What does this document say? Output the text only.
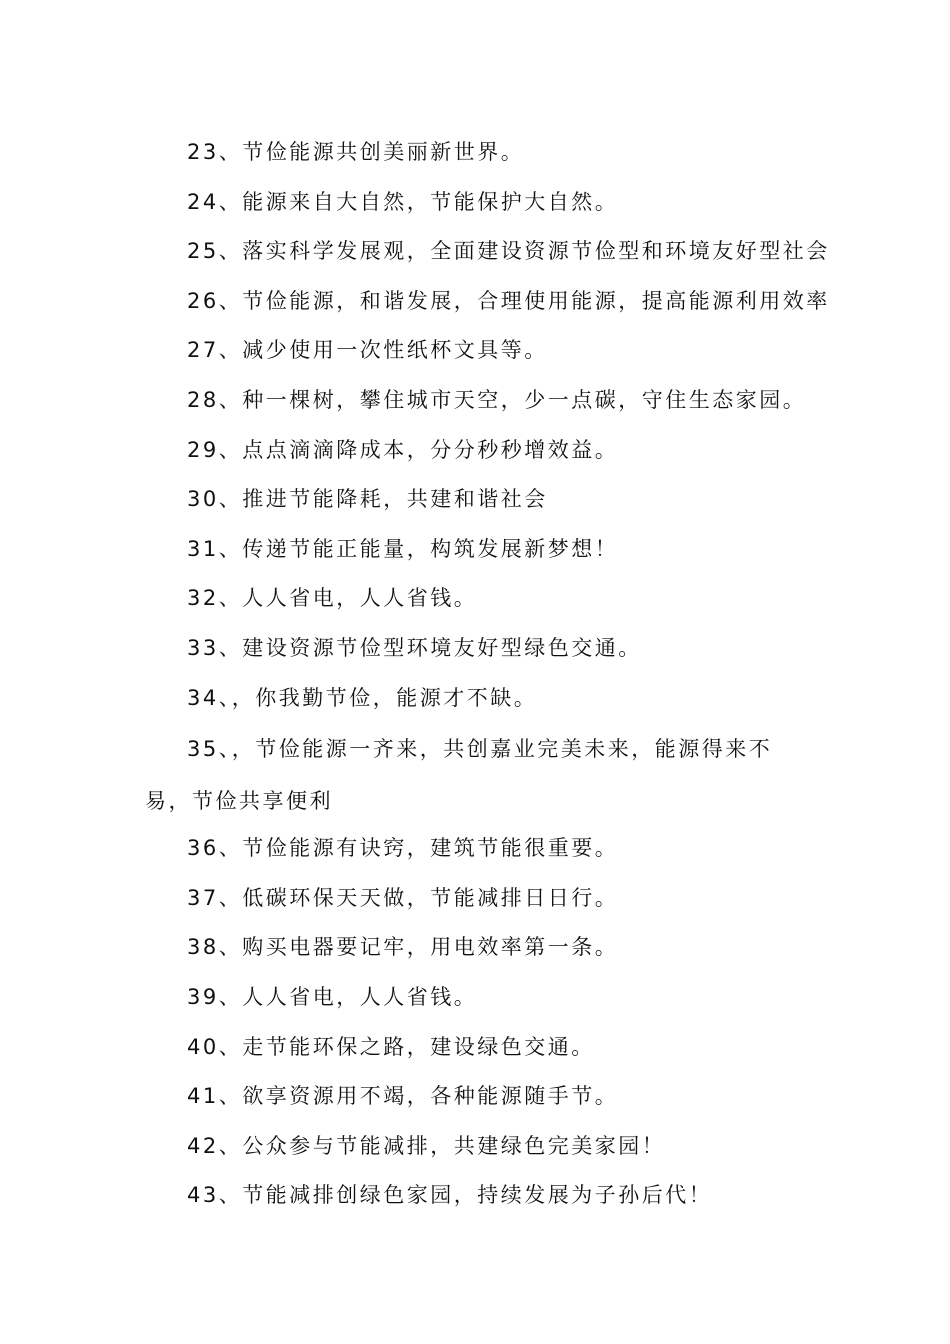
23、节俭能源共创美丽新世界。

24、能源来自大自然，节能保护大自然。

25、落实科学发展观，全面建设资源节俭型和环境友好型社会

26、节俭能源，和谐发展，合理使用能源，提高能源利用效率

27、减少使用一次性纸杯文具等。

28、种一棵树，攀住城市天空，少一点碳，守住生态家园。

29、点点滴滴降成本，分分秒秒增效益。

30、推进节能降耗，共建和谐社会

31、传递节能正能量，构筑发展新梦想！

32、人人省电，人人省钱。

33、建设资源节俭型环境友好型绿色交通。

34、，你我勤节俭，能源才不缺。

35、，节俭能源一齐来，共创嘉业完美未来，能源得来不易，节俭共享便利

36、节俭能源有诀窍，建筑节能很重要。

37、低碳环保天天做，节能减排日日行。

38、购买电器要记牢，用电效率第一条。

39、人人省电，人人省钱。

40、走节能环保之路，建设绿色交通。

41、欲享资源用不竭，各种能源随手节。

42、公众参与节能减排，共建绿色完美家园！

43、节能减排创绿色家园，持续发展为子孙后代！
